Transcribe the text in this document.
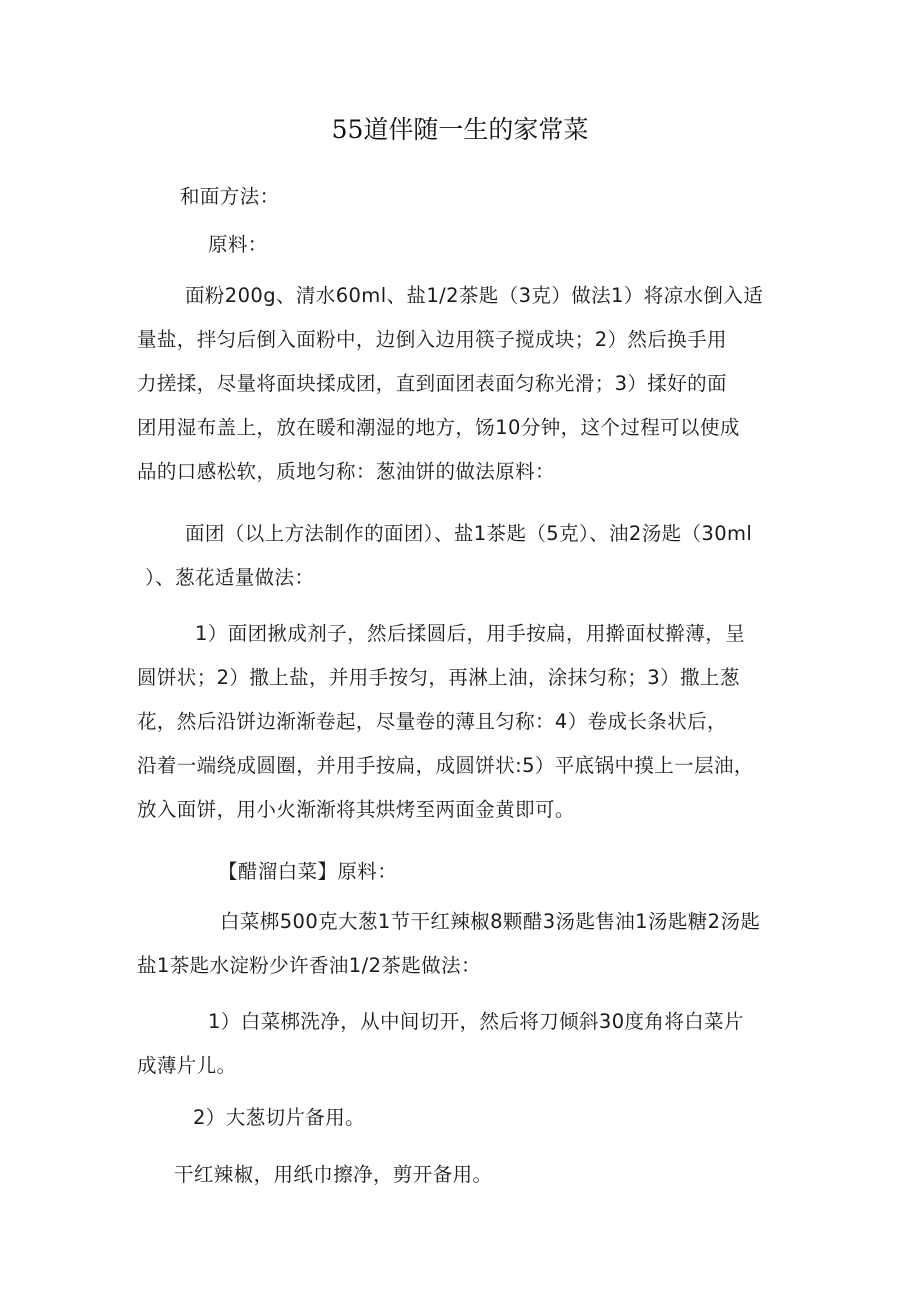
55道伴随一生的家常菜
和面方法：
原料：
面粉200g、清水60ml、盐1/2茶匙（3克）做法1）将凉水倒入适
量盐，拌匀后倒入面粉中，边倒入边用筷子搅成块；2）然后换手用
力搓揉，尽量将面块揉成团，直到面团表面匀称光滑；3）揉好的面
团用湿布盖上，放在暖和潮湿的地方，饧10分钟，这个过程可以使成
品的口感松软，质地匀称：葱油饼的做法原料：
面团（以上方法制作的面团）、盐1茶匙（5克）、油2汤匙（30ml
）、葱花适量做法：
1）面团揪成剂子，然后揉圆后，用手按扁，用擀面杖擀薄，呈
圆饼状；2）撒上盐，并用手按匀，再淋上油，涂抹匀称；3）撒上葱
花，然后沿饼边渐渐卷起，尽量卷的薄且匀称：4）卷成长条状后，
沿着一端绕成圆圈，并用手按扁，成圆饼状:5）平底锅中摸上一层油，
放入面饼，用小火渐渐将其烘烤至两面金黄即可。
【醋溜白菜】原料：
白菜梆500克大葱1节干红辣椒8颗醋3汤匙售油1汤匙糖2汤匙
盐1茶匙水淀粉少许香油1/2茶匙做法：
1）白菜梆洗净，从中间切开，然后将刀倾斜30度角将白菜片
成薄片儿。
2）大葱切片备用。
干红辣椒，用纸巾擦净，剪开备用。
